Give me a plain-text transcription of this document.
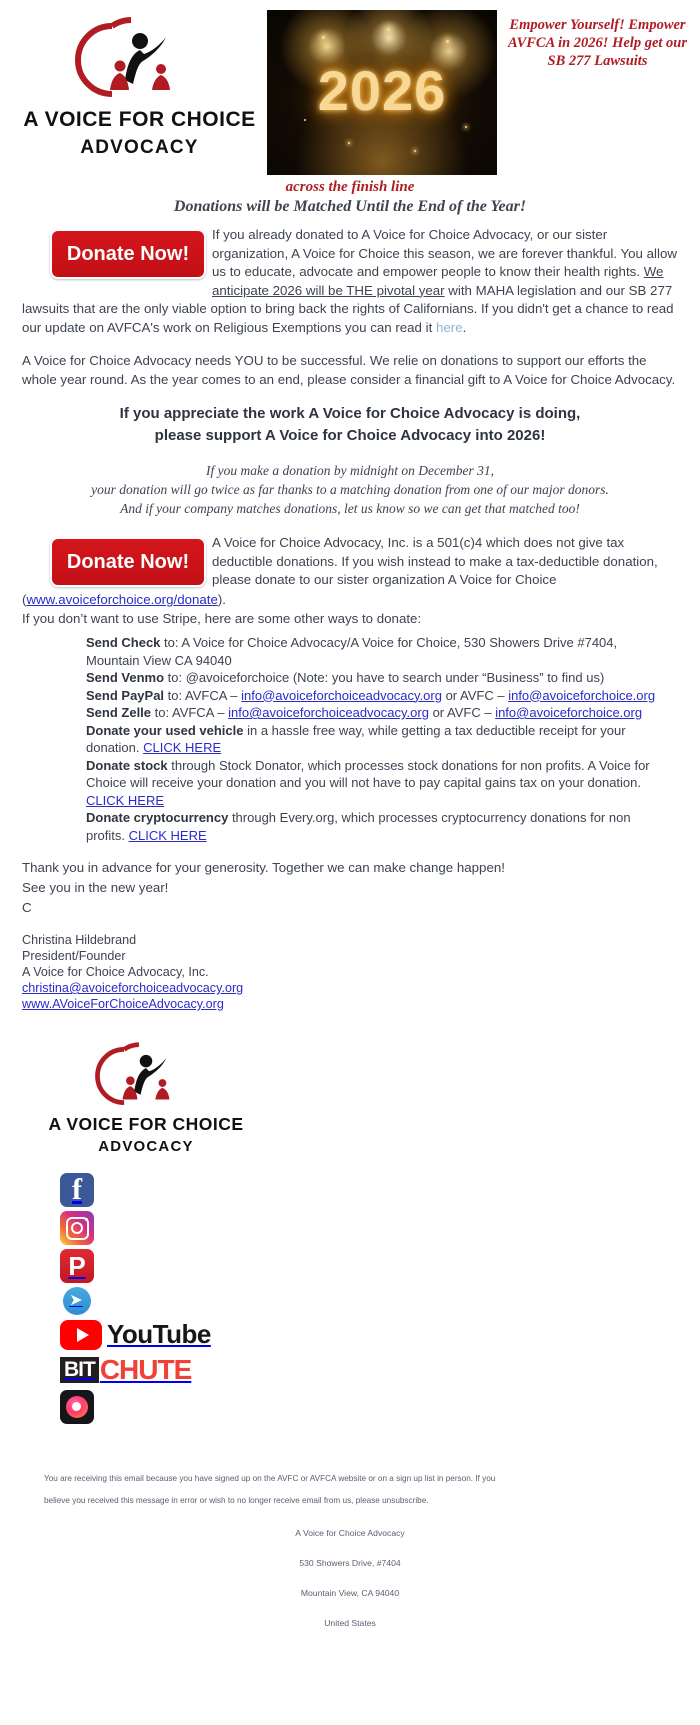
A VOICE FOR CHOICE
ADVOCACY
2026
Empower Yourself! Empower AVFCA in 2026! Help get our SB 277 Lawsuits
across the finish line
Donations will be Matched Until the End of the Year!
Donate Now!
If you already donated to A Voice for Choice Advocacy, or our sister organization, A Voice for Choice this season, we are forever thankful. You allow us to educate, advocate and empower people to know their health rights. We anticipate 2026 will be THE pivotal year with MAHA legislation and our SB 277 lawsuits that are the only viable option to bring back the rights of Californians. If you didn't get a chance to read our update on AVFCA's work on Religious Exemptions you can read it here.

A Voice for Choice Advocacy needs YOU to be successful. We relie on donations to support our efforts the whole year round. As the year comes to an end, please consider a financial gift to A Voice for Choice Advocacy.

If you appreciate the work A Voice for Choice Advocacy is doing,
please support A Voice for Choice Advocacy into 2026!
If you make a donation by midnight on December 31,
your donation will go twice as far thanks to a matching donation from one of our major donors.
And if your company matches donations, let us know so we can get that matched too!
Donate Now!
A Voice for Choice Advocacy, Inc. is a 501(c)4 which does not give tax deductible donations. If you wish instead to make a tax-deductible donation, please donate to our sister organization A Voice for Choice
(www.avoiceforchoice.org/donate).
If you don’t want to use Stripe, here are some other ways to donate:
Send Check to: A Voice for Choice Advocacy/A Voice for Choice, 530 Showers Drive #7404, Mountain View CA 94040
Send Venmo to: @avoiceforchoice (Note: you have to search under “Business” to find us)
Send PayPal to: AVFCA – info@avoiceforchoiceadvocacy.org or AVFC – info@avoiceforchoice.org
Send Zelle to: AVFCA – info@avoiceforchoiceadvocacy.org or AVFC – info@avoiceforchoice.org
Donate your used vehicle in a hassle free way, while getting a tax deductible receipt for your donation. CLICK HERE
Donate stock through Stock Donator, which processes stock donations for non profits. A Voice for Choice will receive your donation and you will not have to pay capital gains tax on your donation. CLICK HERE
Donate cryptocurrency through Every.org, which processes cryptocurrency donations for non profits. CLICK HERE
Thank you in advance for your generosity. Together we can make change happen!
See you in the new year!
C
Christina Hildebrand
President/Founder
A Voice for Choice Advocacy, Inc.
christina@avoiceforchoiceadvocacy.org
www.AVoiceForChoiceAdvocacy.org
A VOICE FOR CHOICE
ADVOCACY
f
P
➤
YouTube
BIT CHUTE
You are receiving this email because you have signed up on the AVFC or AVFCA website or on a sign up list in person. If you
believe you received this message in error or wish to no longer receive email from us, please unsubscribe.
A Voice for Choice Advocacy
530 Showers Drive, #7404
Mountain View, CA 94040
United States
